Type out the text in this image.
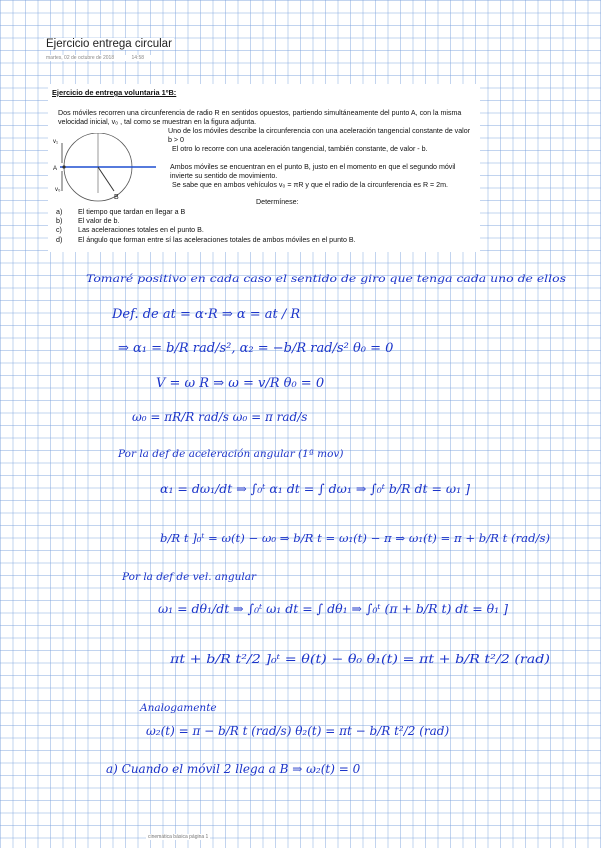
Ejercicio entrega circular
martes, 02 de octubre de 2018	14:58
Ejercicio de entrega voluntaria 1ºB:
Dos móviles recorren una circunferencia de radio R en sentidos opuestos, partiendo simultáneamente del punto A, con la misma velocidad inicial, v₀ , tal como se muestran en la figura adjunta.
Uno de los móviles describe la circunferencia con una aceleración tangencial constante de valor b > 0
El otro lo recorre con una aceleración tangencial, también constante, de valor - b.
Ambos móviles se encuentran en el punto B, justo en el momento en que el segundo móvil invierte su sentido de movimiento.
Se sabe que en ambos vehículos v₀ = πR y que el radio de la circunferencia es R = 2m.
v₁
A
v₀
B
Determínese:
a)	El tiempo que tardan en llegar a B
b)	El valor de b.
c)	Las aceleraciones totales en el punto B.
d)	El ángulo que forman entre sí las aceleraciones totales de ambos móviles en el punto B.
Tomaré positivo en cada caso el sentido de giro que tenga cada uno de ellos
Def. de at = α·R ⇒ α = at / R
⇒ α₁ = b/R rad/s², α₂ = −b/R rad/s² θ₀ = 0
V = ω R ⇒ ω = v/R θ₀ = 0
ω₀ = πR/R rad/s ω₀ = π rad/s
Por la def de aceleración angular (1ª mov)
α₁ = dω₁/dt ⇒ ∫₀ᵗ α₁ dt = ∫ dω₁ ⇒ ∫₀ᵗ b/R dt = ω₁ ]
b/R t ]₀ᵗ = ω(t) − ω₀ ⇒ b/R t = ω₁(t) − π ⇒ ω₁(t) = π + b/R t (rad/s)
Por la def de vel. angular
ω₁ = dθ₁/dt ⇒ ∫₀ᵗ ω₁ dt = ∫ dθ₁ ⇒ ∫₀ᵗ (π + b/R t) dt = θ₁ ]
πt + b/R t²/2 ]₀ᵗ = θ(t) − θ₀ θ₁(t) = πt + b/R t²/2 (rad)
Analogamente
ω₂(t) = π − b/R t (rad/s) θ₂(t) = πt − b/R t²/2 (rad)
a) Cuando el móvil 2 llega a B ⇒ ω₂(t) = 0
cinemática básica página 1
